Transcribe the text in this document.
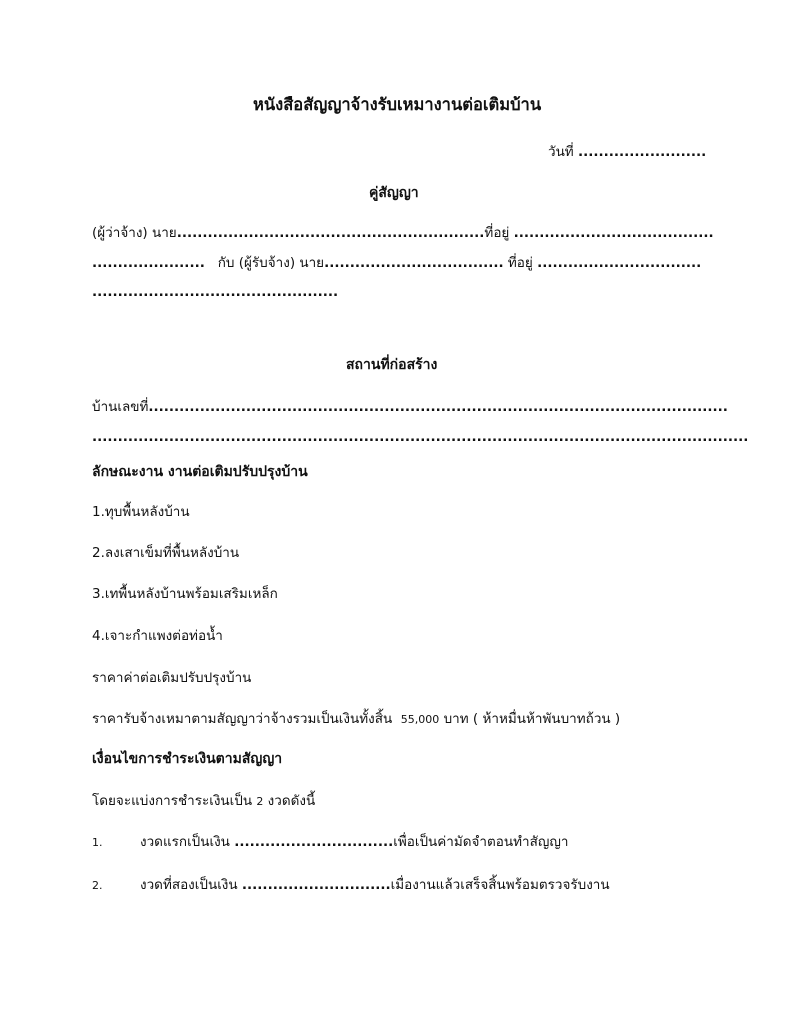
หนังสือสัญญาจ้างรับเหมางานต่อเติมบ้าน
วันที่ .........................
คู่สัญญา
(ผู้ว่าจ้าง) นาย............................................................ที่อยู่ .......................................
...................... กับ (ผู้รับจ้าง) นาย................................... ที่อยู่ ................................
................................................
สถานที่ก่อสร้าง
บ้านเลขที่.................................................................................................................
................................................................................................................................
ลักษณะงาน งานต่อเติมปรับปรุงบ้าน
1.ทุบพื้นหลังบ้าน
2.ลงเสาเข็มที่พื้นหลังบ้าน
3.เทพื้นหลังบ้านพร้อมเสริมเหล็ก
4.เจาะกำแพงต่อท่อน้ำ
ราคาค่าต่อเติมปรับปรุงบ้าน
ราคารับจ้างเหมาตามสัญญาว่าจ้างรวมเป็นเงินทั้งสิ้น 55,000 บาท ( ห้าหมื่นห้าพันบาทถ้วน )
เงื่อนไขการชำระเงินตามสัญญา
โดยจะแบ่งการชำระเงินเป็น 2 งวดดังนี้
1.	งวดแรกเป็นเงิน ...............................เพื่อเป็นค่ามัดจำตอนทำสัญญา
2.	งวดที่สองเป็นเงิน .............................เมื่องานแล้วเสร็จสิ้นพร้อมตรวจรับงาน
